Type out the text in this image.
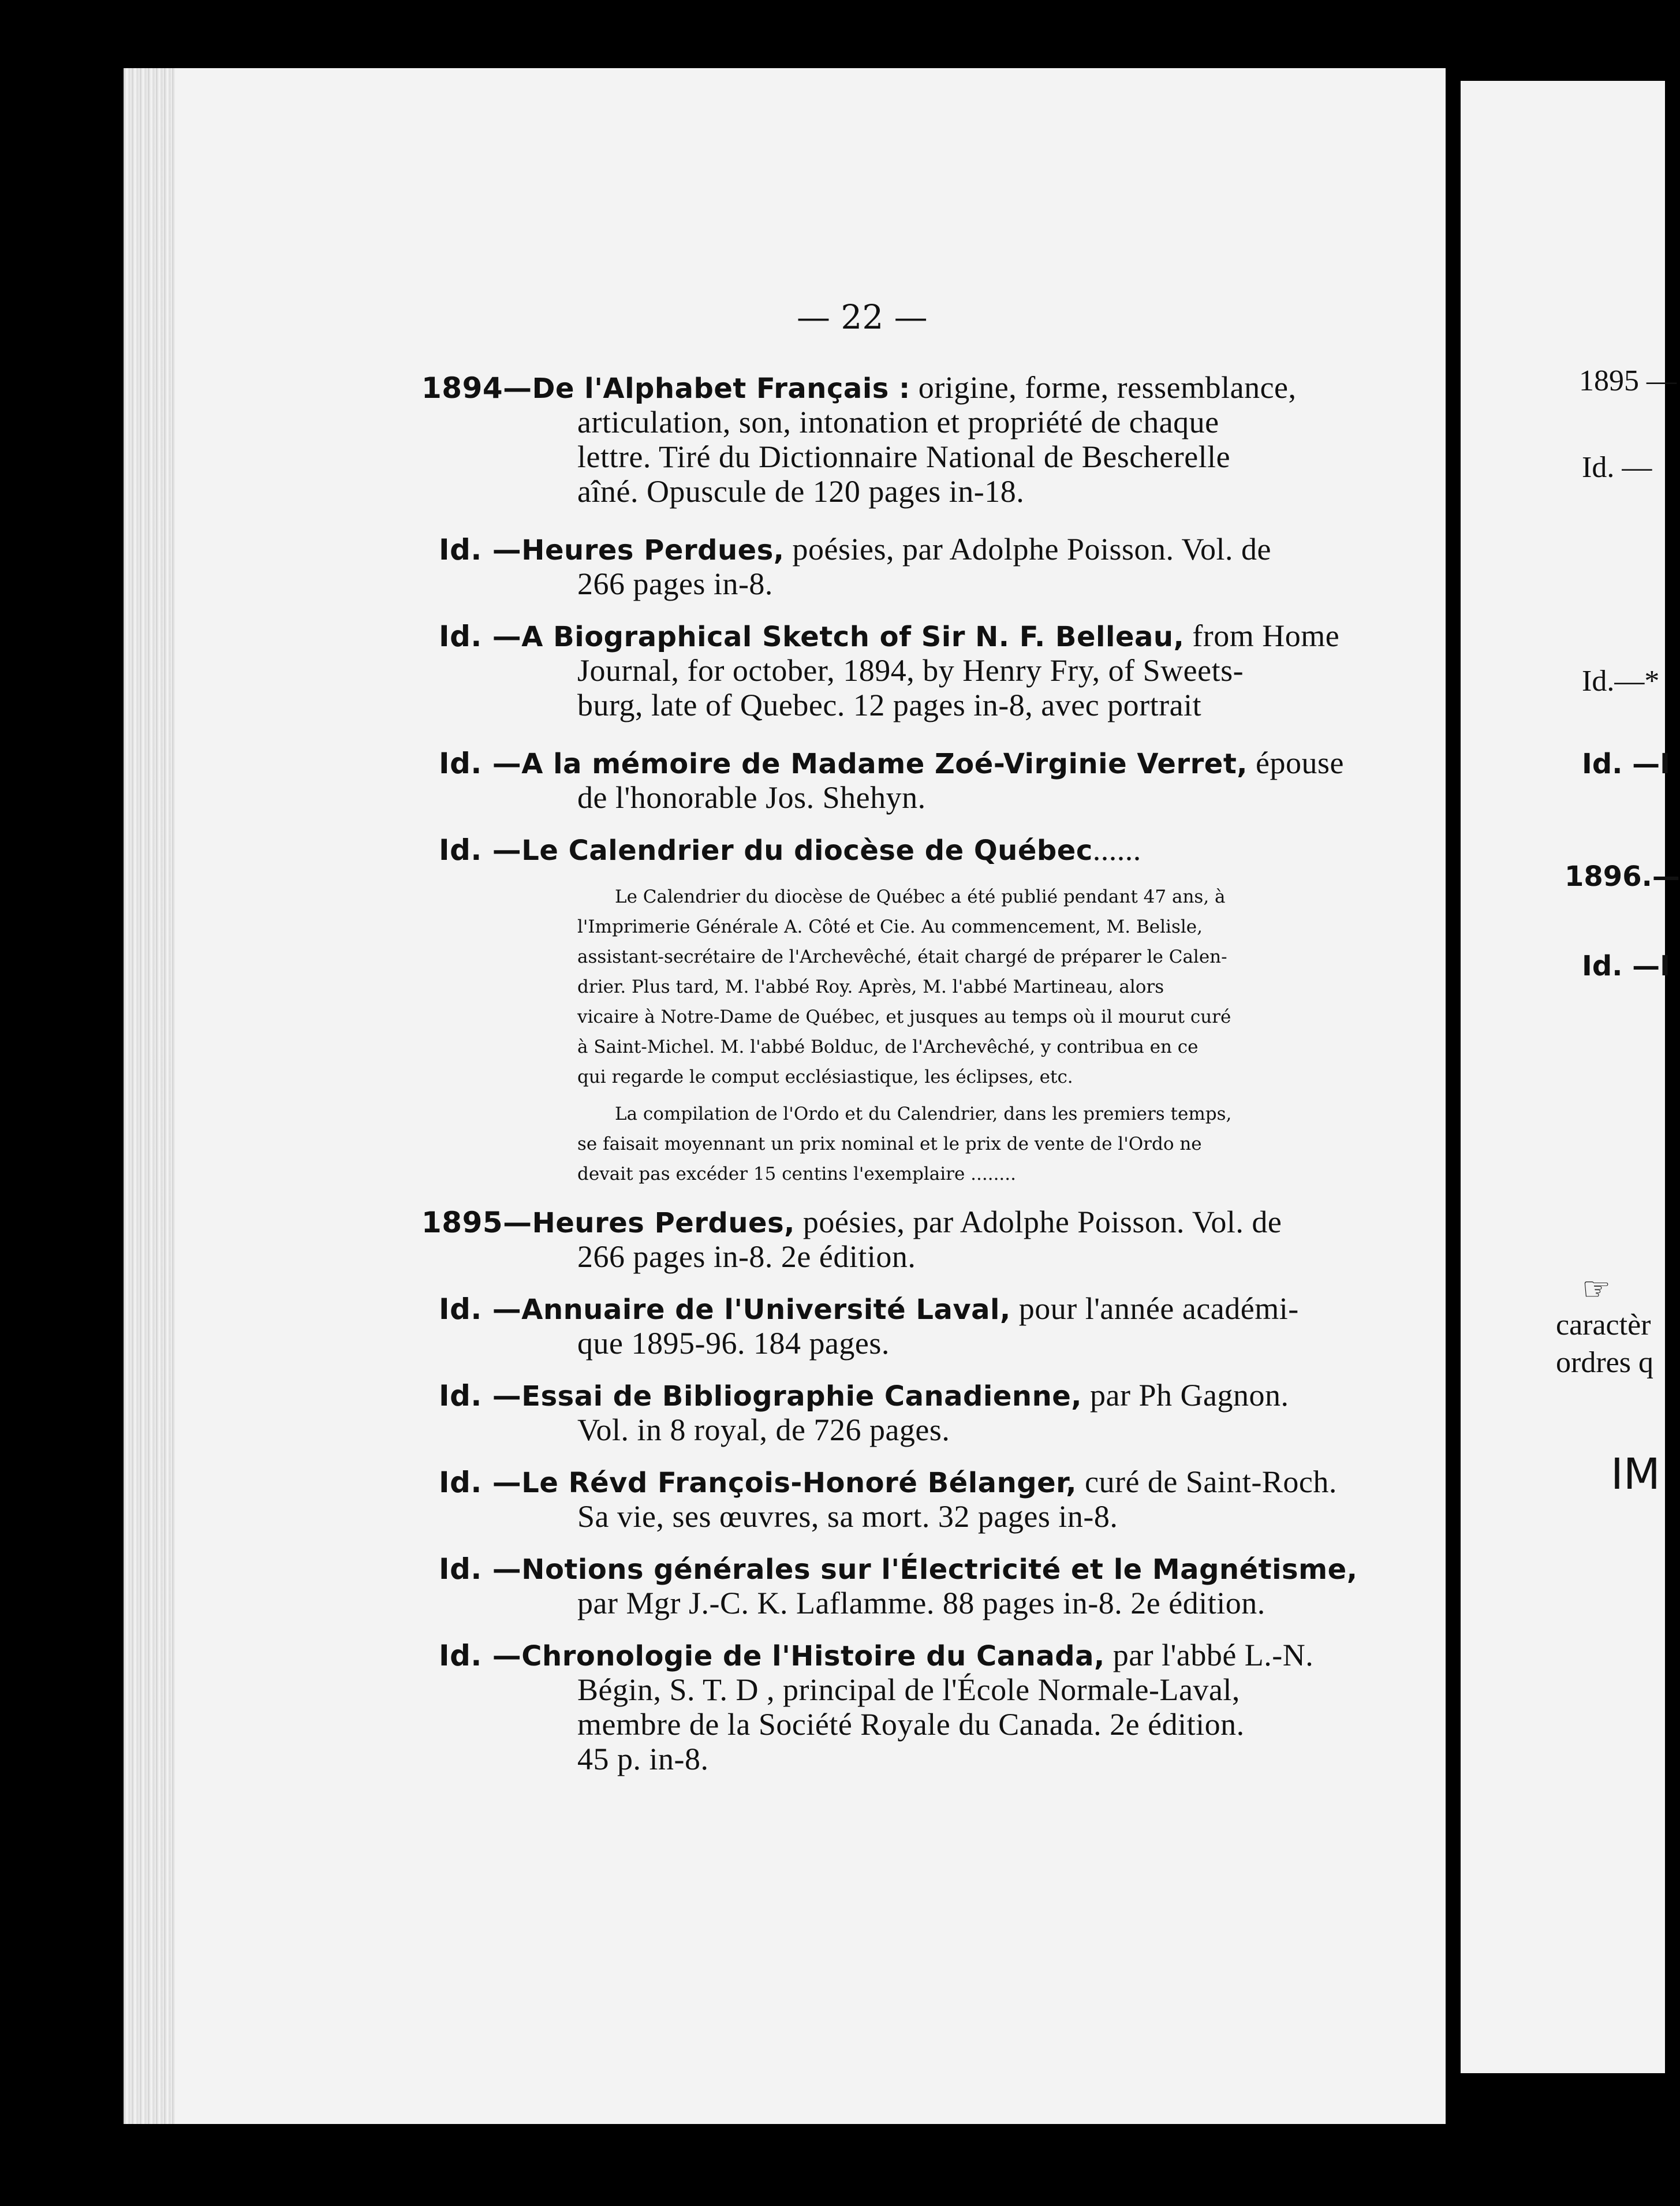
— 22 —
1894—De l'Alphabet Français : origine, forme, ressemblance,
articulation, son, intonation et propriété de chaque
lettre. Tiré du Dictionnaire National de Bescherelle
aîné. Opuscule de 120 pages in-18.
Id. —Heures Perdues, poésies, par Adolphe Poisson. Vol. de
266 pages in-8.
Id. —A Biographical Sketch of Sir N. F. Belleau, from Home
Journal, for october, 1894, by Henry Fry, of Sweets-
burg, late of Quebec. 12 pages in-8, avec portrait
Id. —A la mémoire de Madame Zoé-Virginie Verret, épouse
de l'honorable Jos. Shehyn.
Id. —Le Calendrier du diocèse de Québec......
1895—Heures Perdues, poésies, par Adolphe Poisson. Vol. de
266 pages in-8. 2e édition.
Id. —Annuaire de l'Université Laval, pour l'année académi-
que 1895-96. 184 pages.
Id. —Essai de Bibliographie Canadienne, par Ph Gagnon.
Vol. in 8 royal, de 726 pages.
Id. —Le Révd François-Honoré Bélanger, curé de Saint-Roch.
Sa vie, ses œuvres, sa mort. 32 pages in-8.
Id. —Notions générales sur l'Électricité et le Magnétisme,
par Mgr J.-C. K. Laflamme. 88 pages in-8. 2e édition.
Id. —Chronologie de l'Histoire du Canada, par l'abbé L.-N.
Bégin, S. T. D , principal de l'École Normale-Laval,
membre de la Société Royale du Canada. 2e édition.
45 p. in-8.
Le Calendrier du diocèse de Québec a été publié pendant 47 ans, à
l'Imprimerie Générale A. Côté et Cie. Au commencement, M. Belisle,
assistant-secrétaire de l'Archevêché, était chargé de préparer le Calen-
drier. Plus tard, M. l'abbé Roy. Après, M. l'abbé Martineau, alors
vicaire à Notre-Dame de Québec, et jusques au temps où il mourut curé
à Saint-Michel. M. l'abbé Bolduc, de l'Archevêché, y contribua en ce
qui regarde le comput ecclésiastique, les éclipses, etc.
La compilation de l'Ordo et du Calendrier, dans les premiers temps,
se faisait moyennant un prix nominal et le prix de vente de l'Ordo ne
devait pas excéder 15 centins l'exemplaire ........
1895 —
Id. —
Id.—*
Id. —I
1896.—
Id. —I
caractèr
ordres q
IM
☞
